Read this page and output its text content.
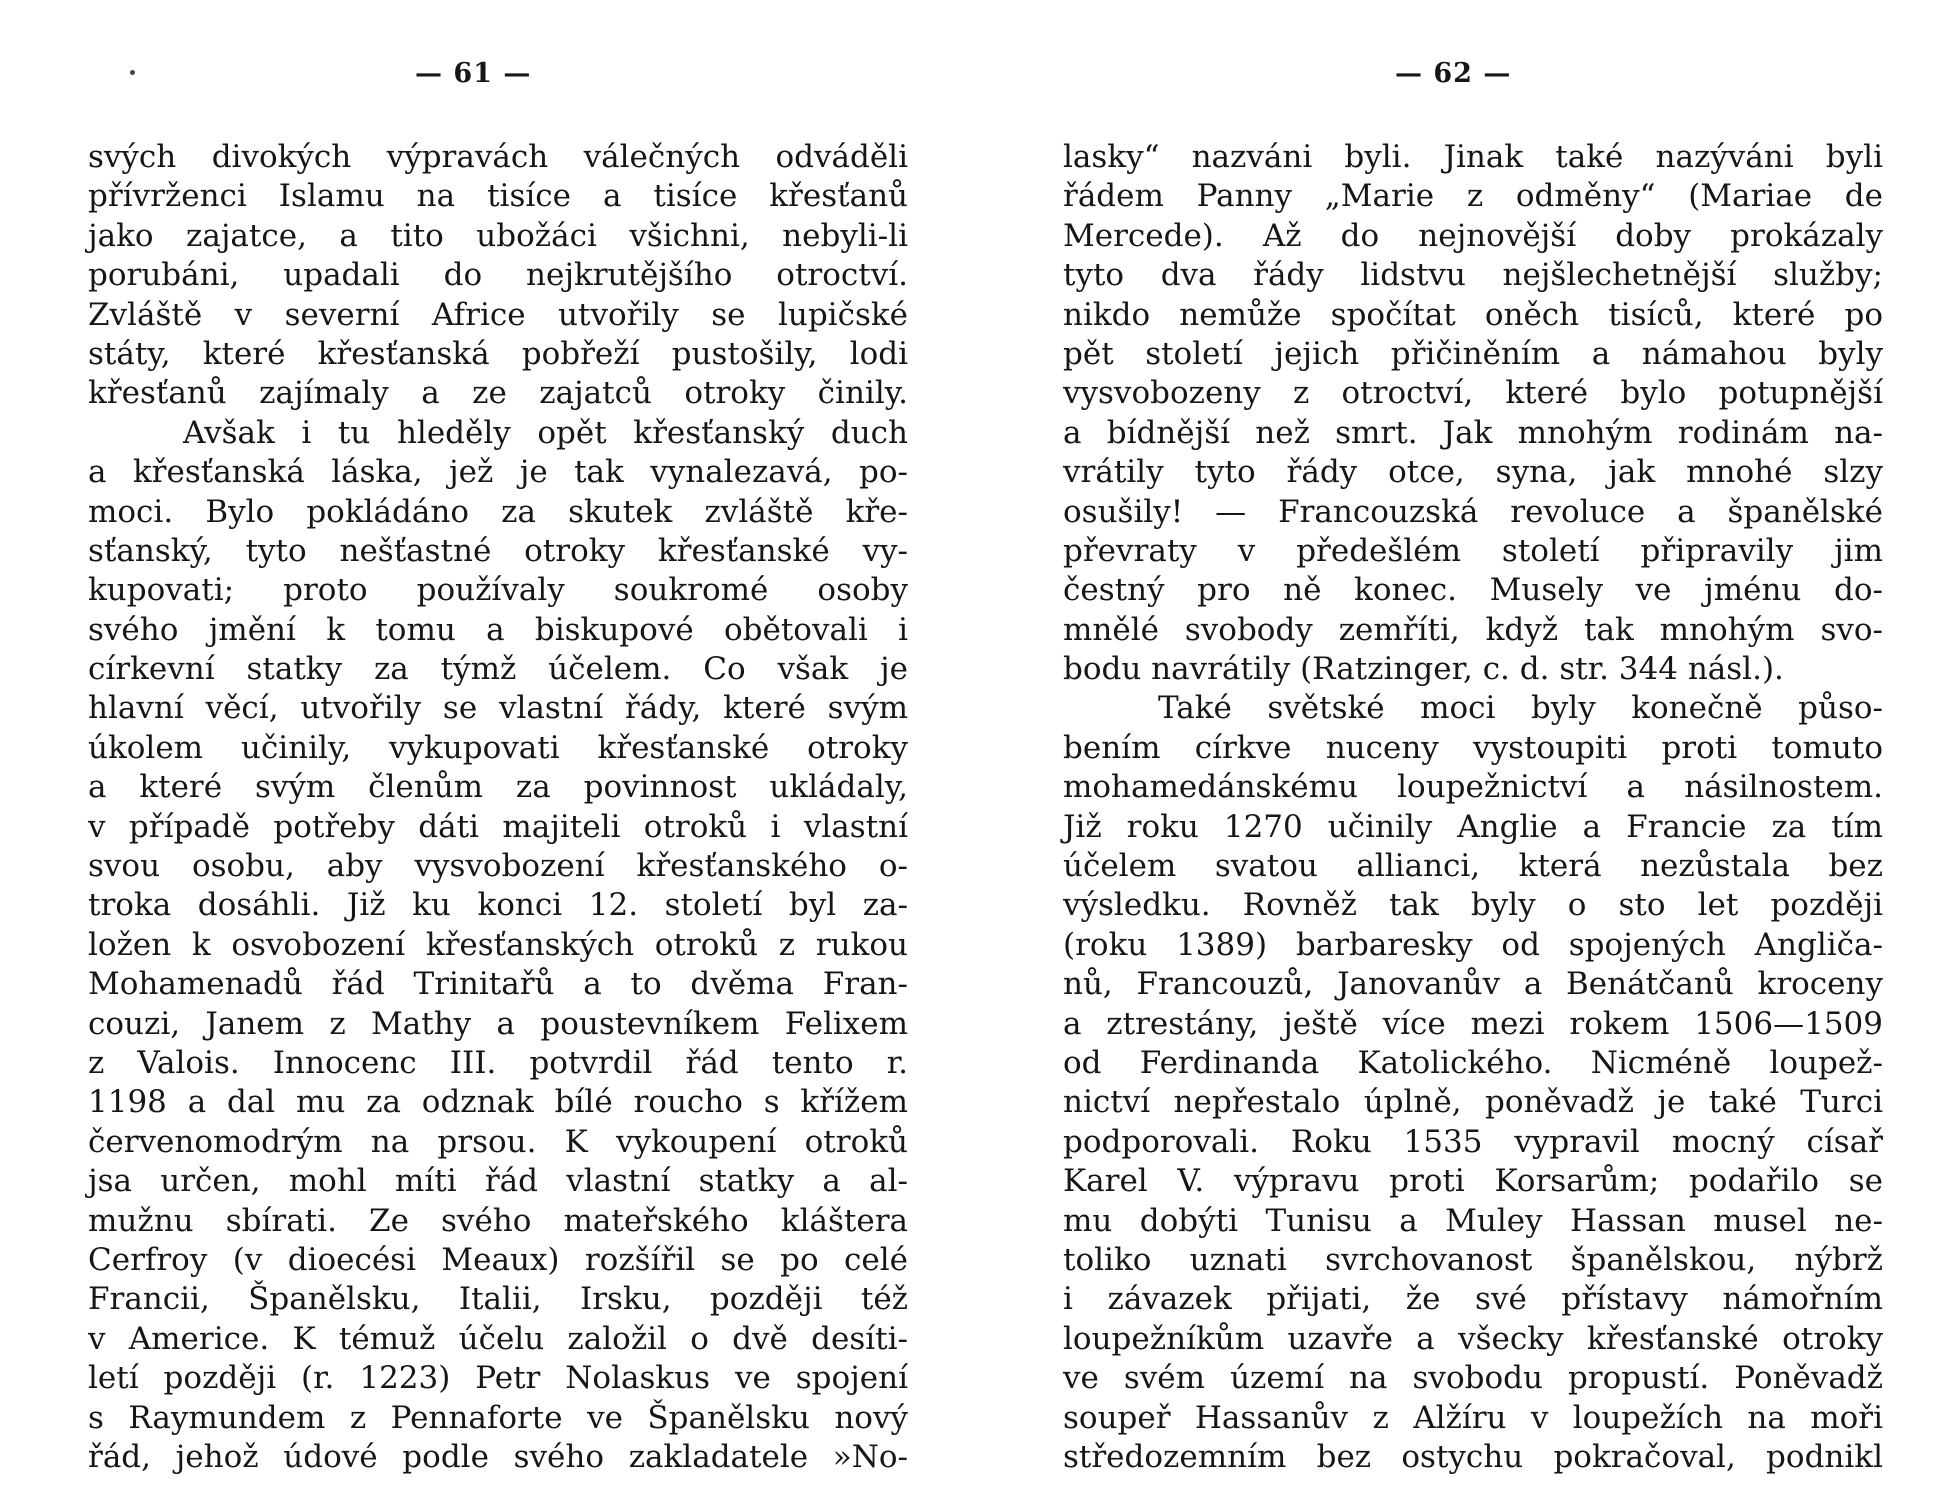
— 61 —
svých divokých výpravách válečných odváděli
přívrženci Islamu na tisíce a tisíce křesťanů
jako zajatce, a tito ubožáci všichni, nebyli-li
porubáni, upadali do nejkrutějšího otroctví.
Zvláště v severní Africe utvořily se lupičské
státy, které křesťanská pobřeží pustošily, lodi
křesťanů zajímaly a ze zajatců otroky činily.
Avšak i tu hleděly opět křesťanský duch
a křesťanská láska, jež je tak vynalezavá, po-
moci. Bylo pokládáno za skutek zvláště kře-
sťanský, tyto nešťastné otroky křesťanské vy-
kupovati; proto používaly soukromé osoby
svého jmění k tomu a biskupové obětovali i
církevní statky za týmž účelem. Co však je
hlavní věcí, utvořily se vlastní řády, které svým
úkolem učinily, vykupovati křesťanské otroky
a které svým členům za povinnost ukládaly,
v případě potřeby dáti majiteli otroků i vlastní
svou osobu, aby vysvobození křesťanského o-
troka dosáhli. Již ku konci 12. století byl za-
ložen k osvobození křesťanských otroků z rukou
Mohamenadů řád Trinitařů a to dvěma Fran-
couzi, Janem z Mathy a poustevníkem Felixem
z Valois. Innocenc III. potvrdil řád tento r.
1198 a dal mu za odznak bílé roucho s křížem
červenomodrým na prsou. K vykoupení otroků
jsa určen, mohl míti řád vlastní statky a al-
mužnu sbírati. Ze svého mateřského kláštera
Cerfroy (v dioecési Meaux) rozšířil se po celé
Francii, Španělsku, Italii, Irsku, později též
v Americe. K témuž účelu založil o dvě desíti-
letí později (r. 1223) Petr Nolaskus ve spojení
s Raymundem z Pennaforte ve Španělsku nový
řád, jehož údové podle svého zakladatele »No-
— 62 —
lasky“ nazváni byli. Jinak také nazýváni byli
řádem Panny „Marie z odměny“ (Mariae de
Mercede). Až do nejnovější doby prokázaly
tyto dva řády lidstvu nejšlechetnější služby;
nikdo nemůže spočítat oněch tisíců, které po
pět století jejich přičiněním a námahou byly
vysvobozeny z otroctví, které bylo potupnější
a bídnější než smrt. Jak mnohým rodinám na-
vrátily tyto řády otce, syna, jak mnohé slzy
osušily! — Francouzská revoluce a španělské
převraty v předešlém století připravily jim
čestný pro ně konec. Musely ve jménu do-
mnělé svobody zemříti, když tak mnohým svo-
bodu navrátily (Ratzinger, c. d. str. 344 násl.).
Také světské moci byly konečně půso-
bením církve nuceny vystoupiti proti tomuto
mohamedánskému loupežnictví a násilnostem.
Již roku 1270 učinily Anglie a Francie za tím
účelem svatou allianci, která nezůstala bez
výsledku. Rovněž tak byly o sto let později
(roku 1389) barbaresky od spojených Angliča-
nů, Francouzů, Janovanův a Benátčanů kroceny
a ztrestány, ještě více mezi rokem 1506—1509
od Ferdinanda Katolického. Nicméně loupež-
nictví nepřestalo úplně, poněvadž je také Turci
podporovali. Roku 1535 vypravil mocný císař
Karel V. výpravu proti Korsarům; podařilo se
mu dobýti Tunisu a Muley Hassan musel ne-
toliko uznati svrchovanost španělskou, nýbrž
i závazek přijati, že své přístavy námořním
loupežníkům uzavře a všecky křesťanské otroky
ve svém území na svobodu propustí. Poněvadž
soupeř Hassanův z Alžíru v loupežích na moři
středozemním bez ostychu pokračoval, podnikl
